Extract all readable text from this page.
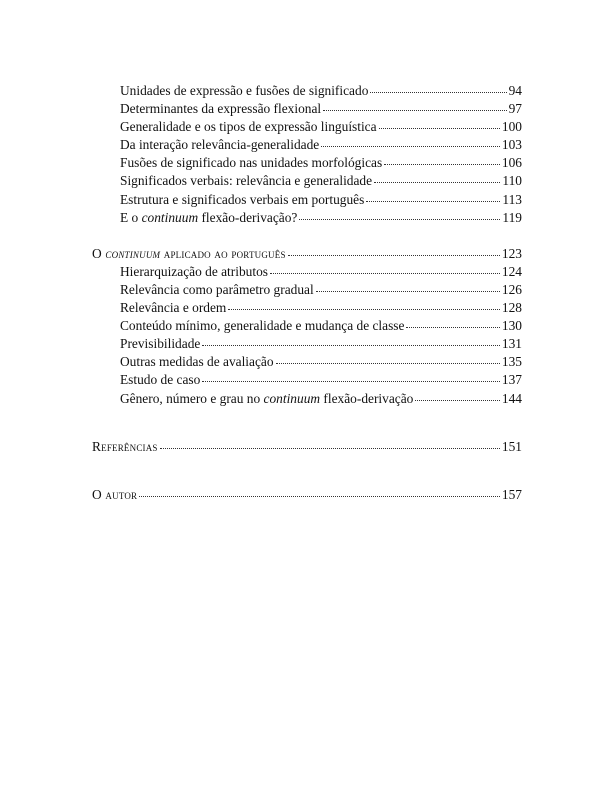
Unidades de expressão e fusões de significado	94
Determinantes da expressão flexional	97
Generalidade e os tipos de expressão linguística	100
Da interação relevância-generalidade	103
Fusões de significado nas unidades morfológicas	106
Significados verbais: relevância e generalidade	110
Estrutura e significados verbais em português	113
E o continuum flexão-derivação?	119
O continuum aplicado ao português	123
Hierarquização de atributos	124
Relevância como parâmetro gradual	126
Relevância e ordem	128
Conteúdo mínimo, generalidade e mudança de classe	130
Previsibilidade	131
Outras medidas de avaliação	135
Estudo de caso	137
Gênero, número e grau no continuum flexão-derivação	144
Referências	151
O autor	157
